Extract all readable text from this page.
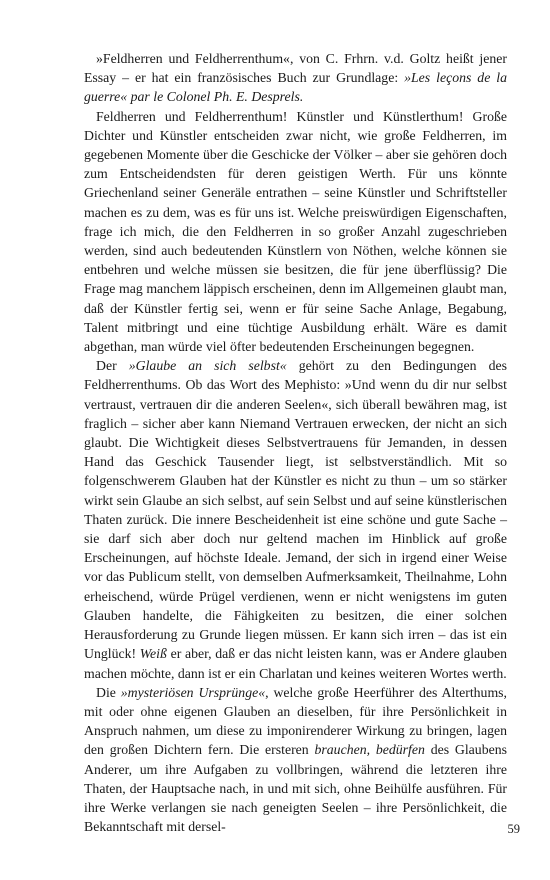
»Feldherren und Feldherrenthum«, von C. Frhrn. v.d. Goltz heißt jener Essay – er hat ein französisches Buch zur Grundlage: »Les leçons de la guerre« par le Colonel Ph. E. Desprels.

Feldherren und Feldherrenthum! Künstler und Künstlerthum! Große Dichter und Künstler entscheiden zwar nicht, wie große Feldherren, im gegebenen Momente über die Geschicke der Völker – aber sie gehören doch zum Entscheidendsten für deren geistigen Werth. Für uns könnte Griechenland seiner Generäle entrathen – seine Künstler und Schriftsteller machen es zu dem, was es für uns ist. Welche preiswürdigen Eigenschaften, frage ich mich, die den Feldherren in so großer Anzahl zugeschrieben werden, sind auch bedeutenden Künstlern von Nöthen, welche können sie entbehren und welche müssen sie besitzen, die für jene überflüssig? Die Frage mag manchem läppisch erscheinen, denn im Allgemeinen glaubt man, daß der Künstler fertig sei, wenn er für seine Sache Anlage, Begabung, Talent mitbringt und eine tüchtige Ausbildung erhält. Wäre es damit abgethan, man würde viel öfter bedeutenden Erscheinungen begegnen.

Der »Glaube an sich selbst« gehört zu den Bedingungen des Feldherrenthums. Ob das Wort des Mephisto: »Und wenn du dir nur selbst vertraust, vertrauen dir die anderen Seelen«, sich überall bewähren mag, ist fraglich – sicher aber kann Niemand Vertrauen erwecken, der nicht an sich glaubt. Die Wichtigkeit dieses Selbstvertrauens für Jemanden, in dessen Hand das Geschick Tausender liegt, ist selbstverständlich. Mit so folgenschwerem Glauben hat der Künstler es nicht zu thun – um so stärker wirkt sein Glaube an sich selbst, auf sein Selbst und auf seine künstlerischen Thaten zurück. Die innere Bescheidenheit ist eine schöne und gute Sache – sie darf sich aber doch nur geltend machen im Hinblick auf große Erscheinungen, auf höchste Ideale. Jemand, der sich in irgend einer Weise vor das Publicum stellt, von demselben Aufmerksamkeit, Theilnahme, Lohn erheischend, würde Prügel verdienen, wenn er nicht wenigstens im guten Glauben handelte, die Fähigkeiten zu besitzen, die einer solchen Herausforderung zu Grunde liegen müssen. Er kann sich irren – das ist ein Unglück! Weiß er aber, daß er das nicht leisten kann, was er Andere glauben machen möchte, dann ist er ein Charlatan und keines weiteren Wortes werth.

Die »mysteriösen Ursprünge«, welche große Heerführer des Alterthums, mit oder ohne eigenen Glauben an dieselben, für ihre Persönlichkeit in Anspruch nahmen, um diese zu imponirenderer Wirkung zu bringen, lagen den großen Dichtern fern. Die ersteren brauchen, bedürfen des Glaubens Anderer, um ihre Aufgaben zu vollbringen, während die letzteren ihre Thaten, der Hauptsache nach, in und mit sich, ohne Beihülfe ausführen. Für ihre Werke verlangen sie nach geneigten Seelen – ihre Persönlichkeit, die Bekanntschaft mit dersel-	59
